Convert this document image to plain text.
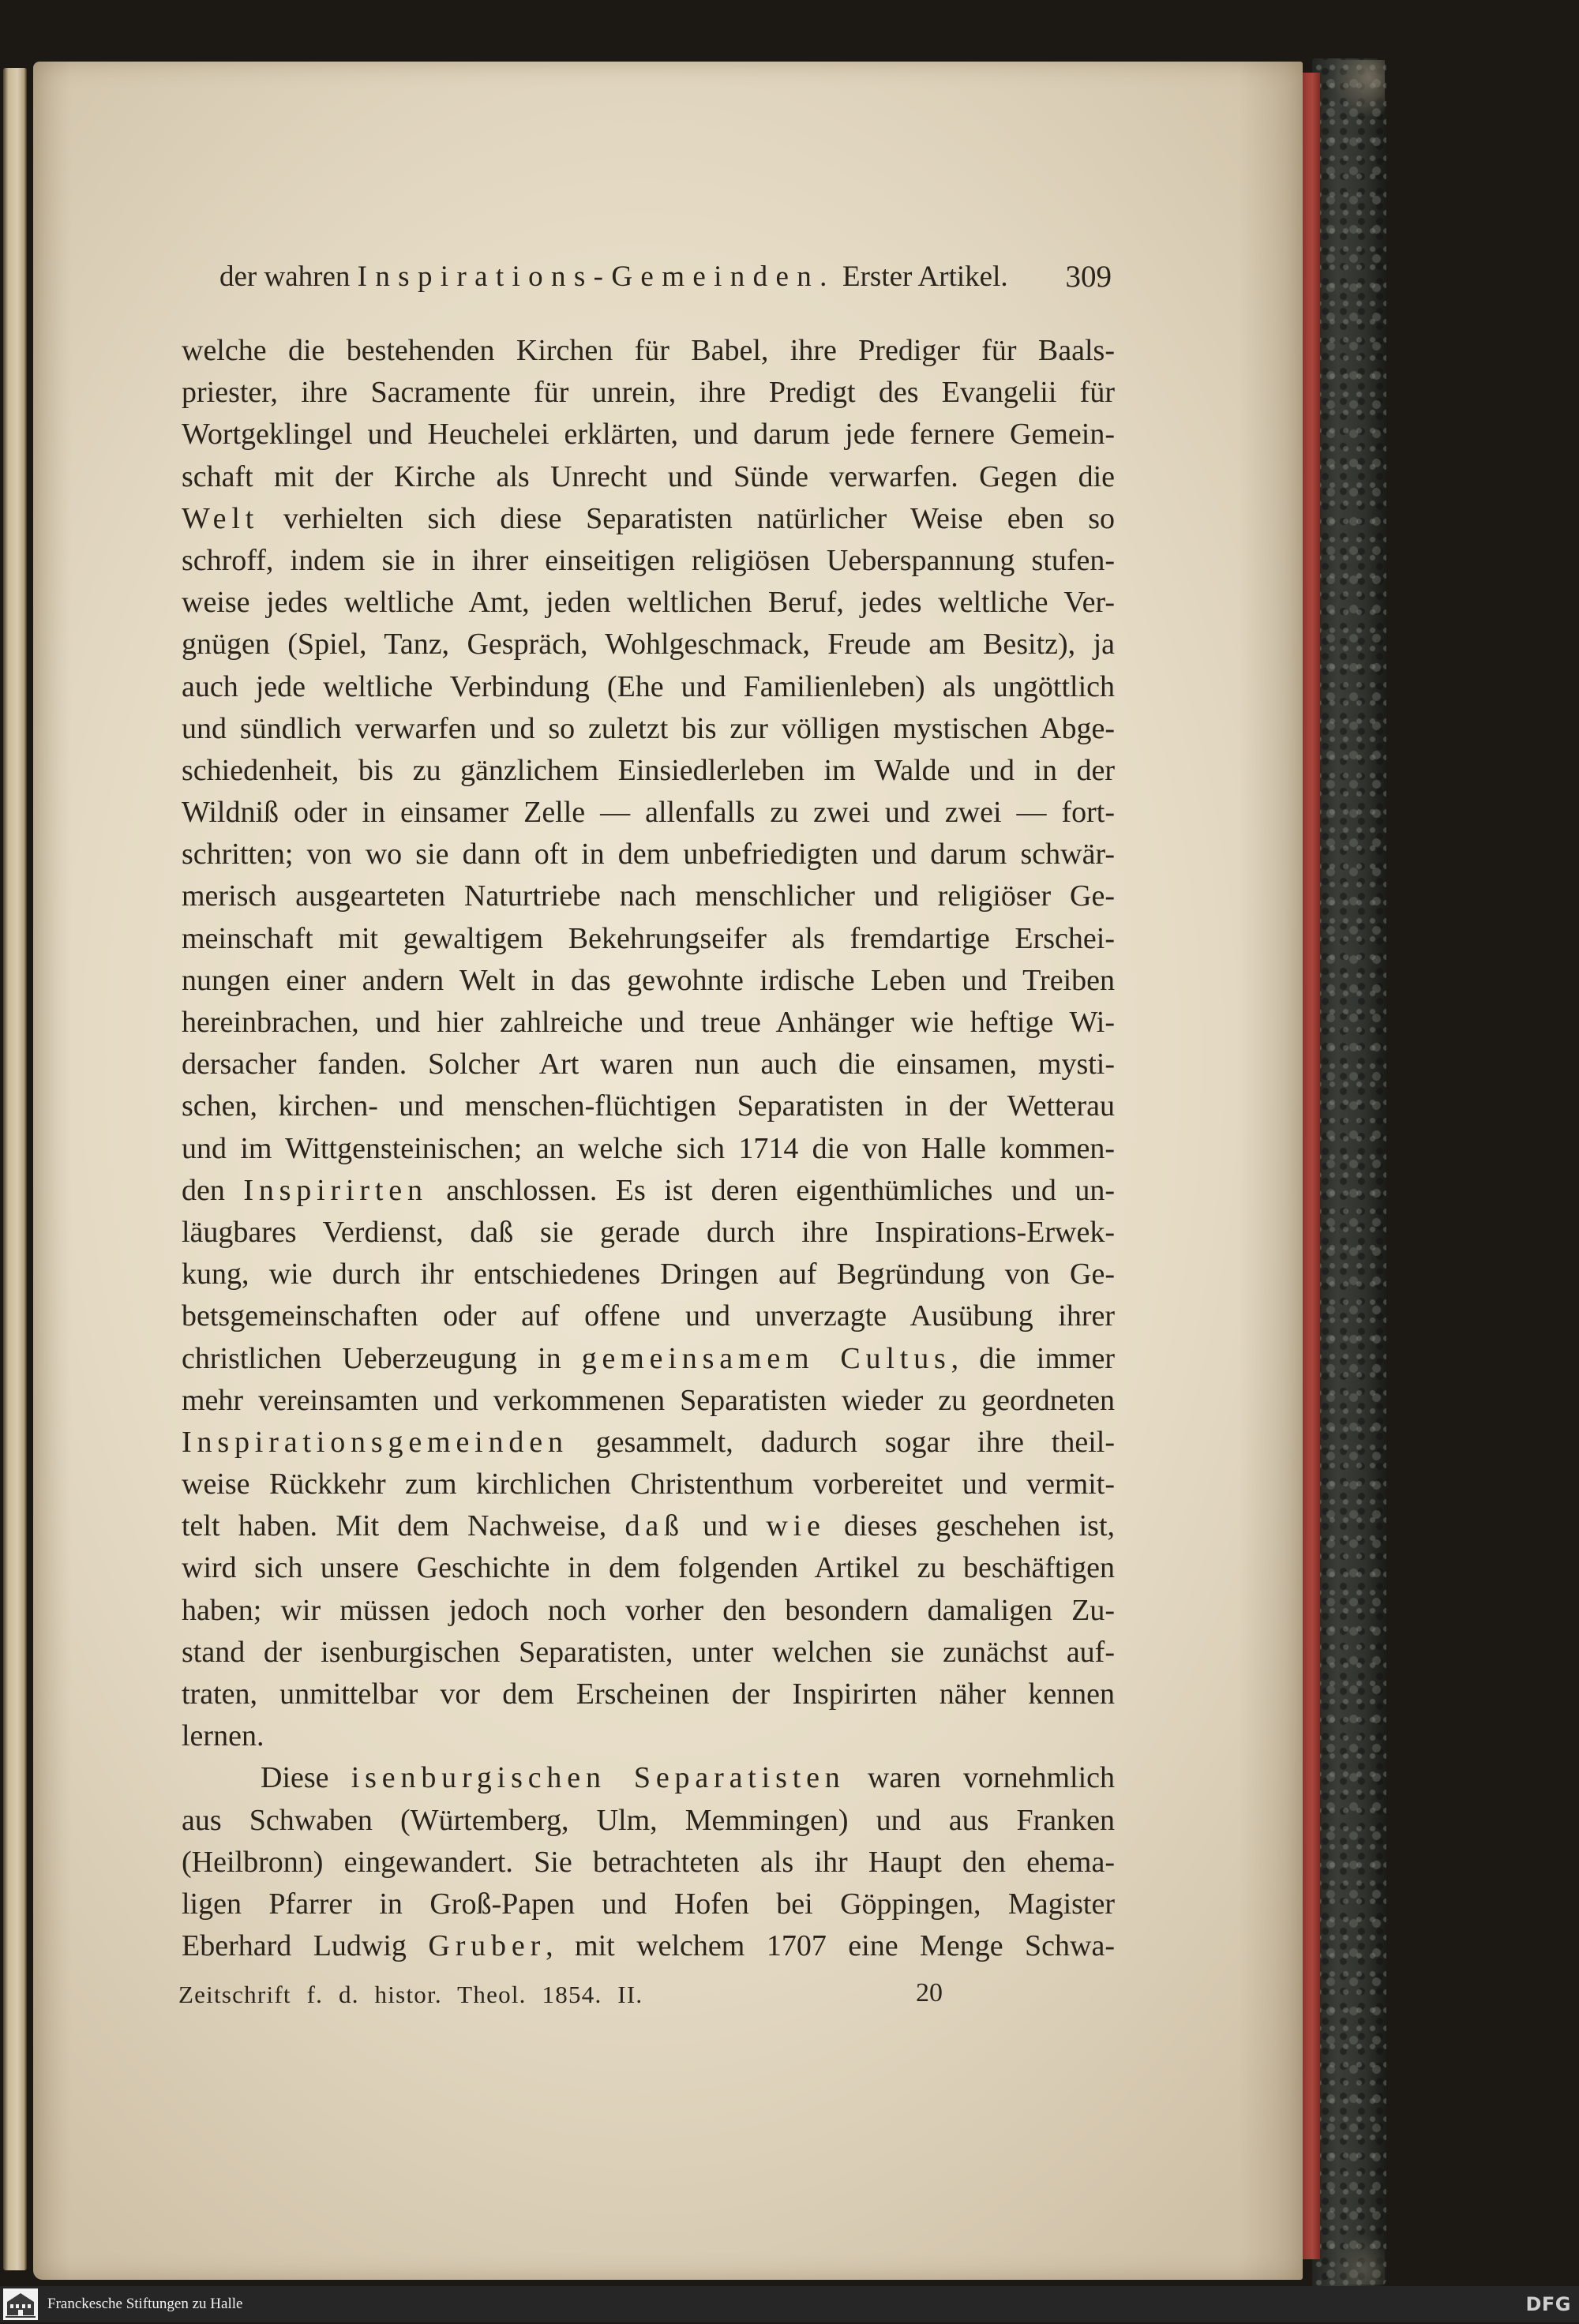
der wahren Inspirations-Gemeinden. Erster Artikel. 309
welche die bestehenden Kirchen für Babel, ihre Prediger für Baals-
priester, ihre Sacramente für unrein, ihre Predigt des Evangelii für
Wortgeklingel und Heuchelei erklärten, und darum jede fernere Gemein-
schaft mit der Kirche als Unrecht und Sünde verwarfen. Gegen die
Welt verhielten sich diese Separatisten natürlicher Weise eben so
schroff, indem sie in ihrer einseitigen religiösen Ueberspannung stufen-
weise jedes weltliche Amt, jeden weltlichen Beruf, jedes weltliche Ver-
gnügen (Spiel, Tanz, Gespräch, Wohlgeschmack, Freude am Besitz), ja
auch jede weltliche Verbindung (Ehe und Familienleben) als ungöttlich
und sündlich verwarfen und so zuletzt bis zur völligen mystischen Abge-
schiedenheit, bis zu gänzlichem Einsiedlerleben im Walde und in der
Wildniß oder in einsamer Zelle — allenfalls zu zwei und zwei — fort-
schritten; von wo sie dann oft in dem unbefriedigten und darum schwär-
merisch ausgearteten Naturtriebe nach menschlicher und religiöser Ge-
meinschaft mit gewaltigem Bekehrungseifer als fremdartige Erschei-
nungen einer andern Welt in das gewohnte irdische Leben und Treiben
hereinbrachen, und hier zahlreiche und treue Anhänger wie heftige Wi-
dersacher fanden. Solcher Art waren nun auch die einsamen, mysti-
schen, kirchen- und menschen-flüchtigen Separatisten in der Wetterau
und im Wittgensteinischen; an welche sich 1714 die von Halle kommen-
den Inspirirten anschlossen. Es ist deren eigenthümliches und un-
läugbares Verdienst, daß sie gerade durch ihre Inspirations-Erwek-
kung, wie durch ihr entschiedenes Dringen auf Begründung von Ge-
betsgemeinschaften oder auf offene und unverzagte Ausübung ihrer
christlichen Ueberzeugung in gemeinsamem Cultus, die immer
mehr vereinsamten und verkommenen Separatisten wieder zu geordneten
Inspirationsgemeinden gesammelt, dadurch sogar ihre theil-
weise Rückkehr zum kirchlichen Christenthum vorbereitet und vermit-
telt haben. Mit dem Nachweise, daß und wie dieses geschehen ist,
wird sich unsere Geschichte in dem folgenden Artikel zu beschäftigen
haben; wir müssen jedoch noch vorher den besondern damaligen Zu-
stand der isenburgischen Separatisten, unter welchen sie zunächst auf-
traten, unmittelbar vor dem Erscheinen der Inspirirten näher kennen
lernen.
Diese isenburgischen Separatisten waren vornehmlich
aus Schwaben (Würtemberg, Ulm, Memmingen) und aus Franken
(Heilbronn) eingewandert. Sie betrachteten als ihr Haupt den ehema-
ligen Pfarrer in Groß-Papen und Hofen bei Göppingen, Magister
Eberhard Ludwig Gruber, mit welchem 1707 eine Menge Schwa-
Zeitschrift f. d. histor. Theol. 1854. II.	20
Franckesche Stiftungen zu Halle	DFG
